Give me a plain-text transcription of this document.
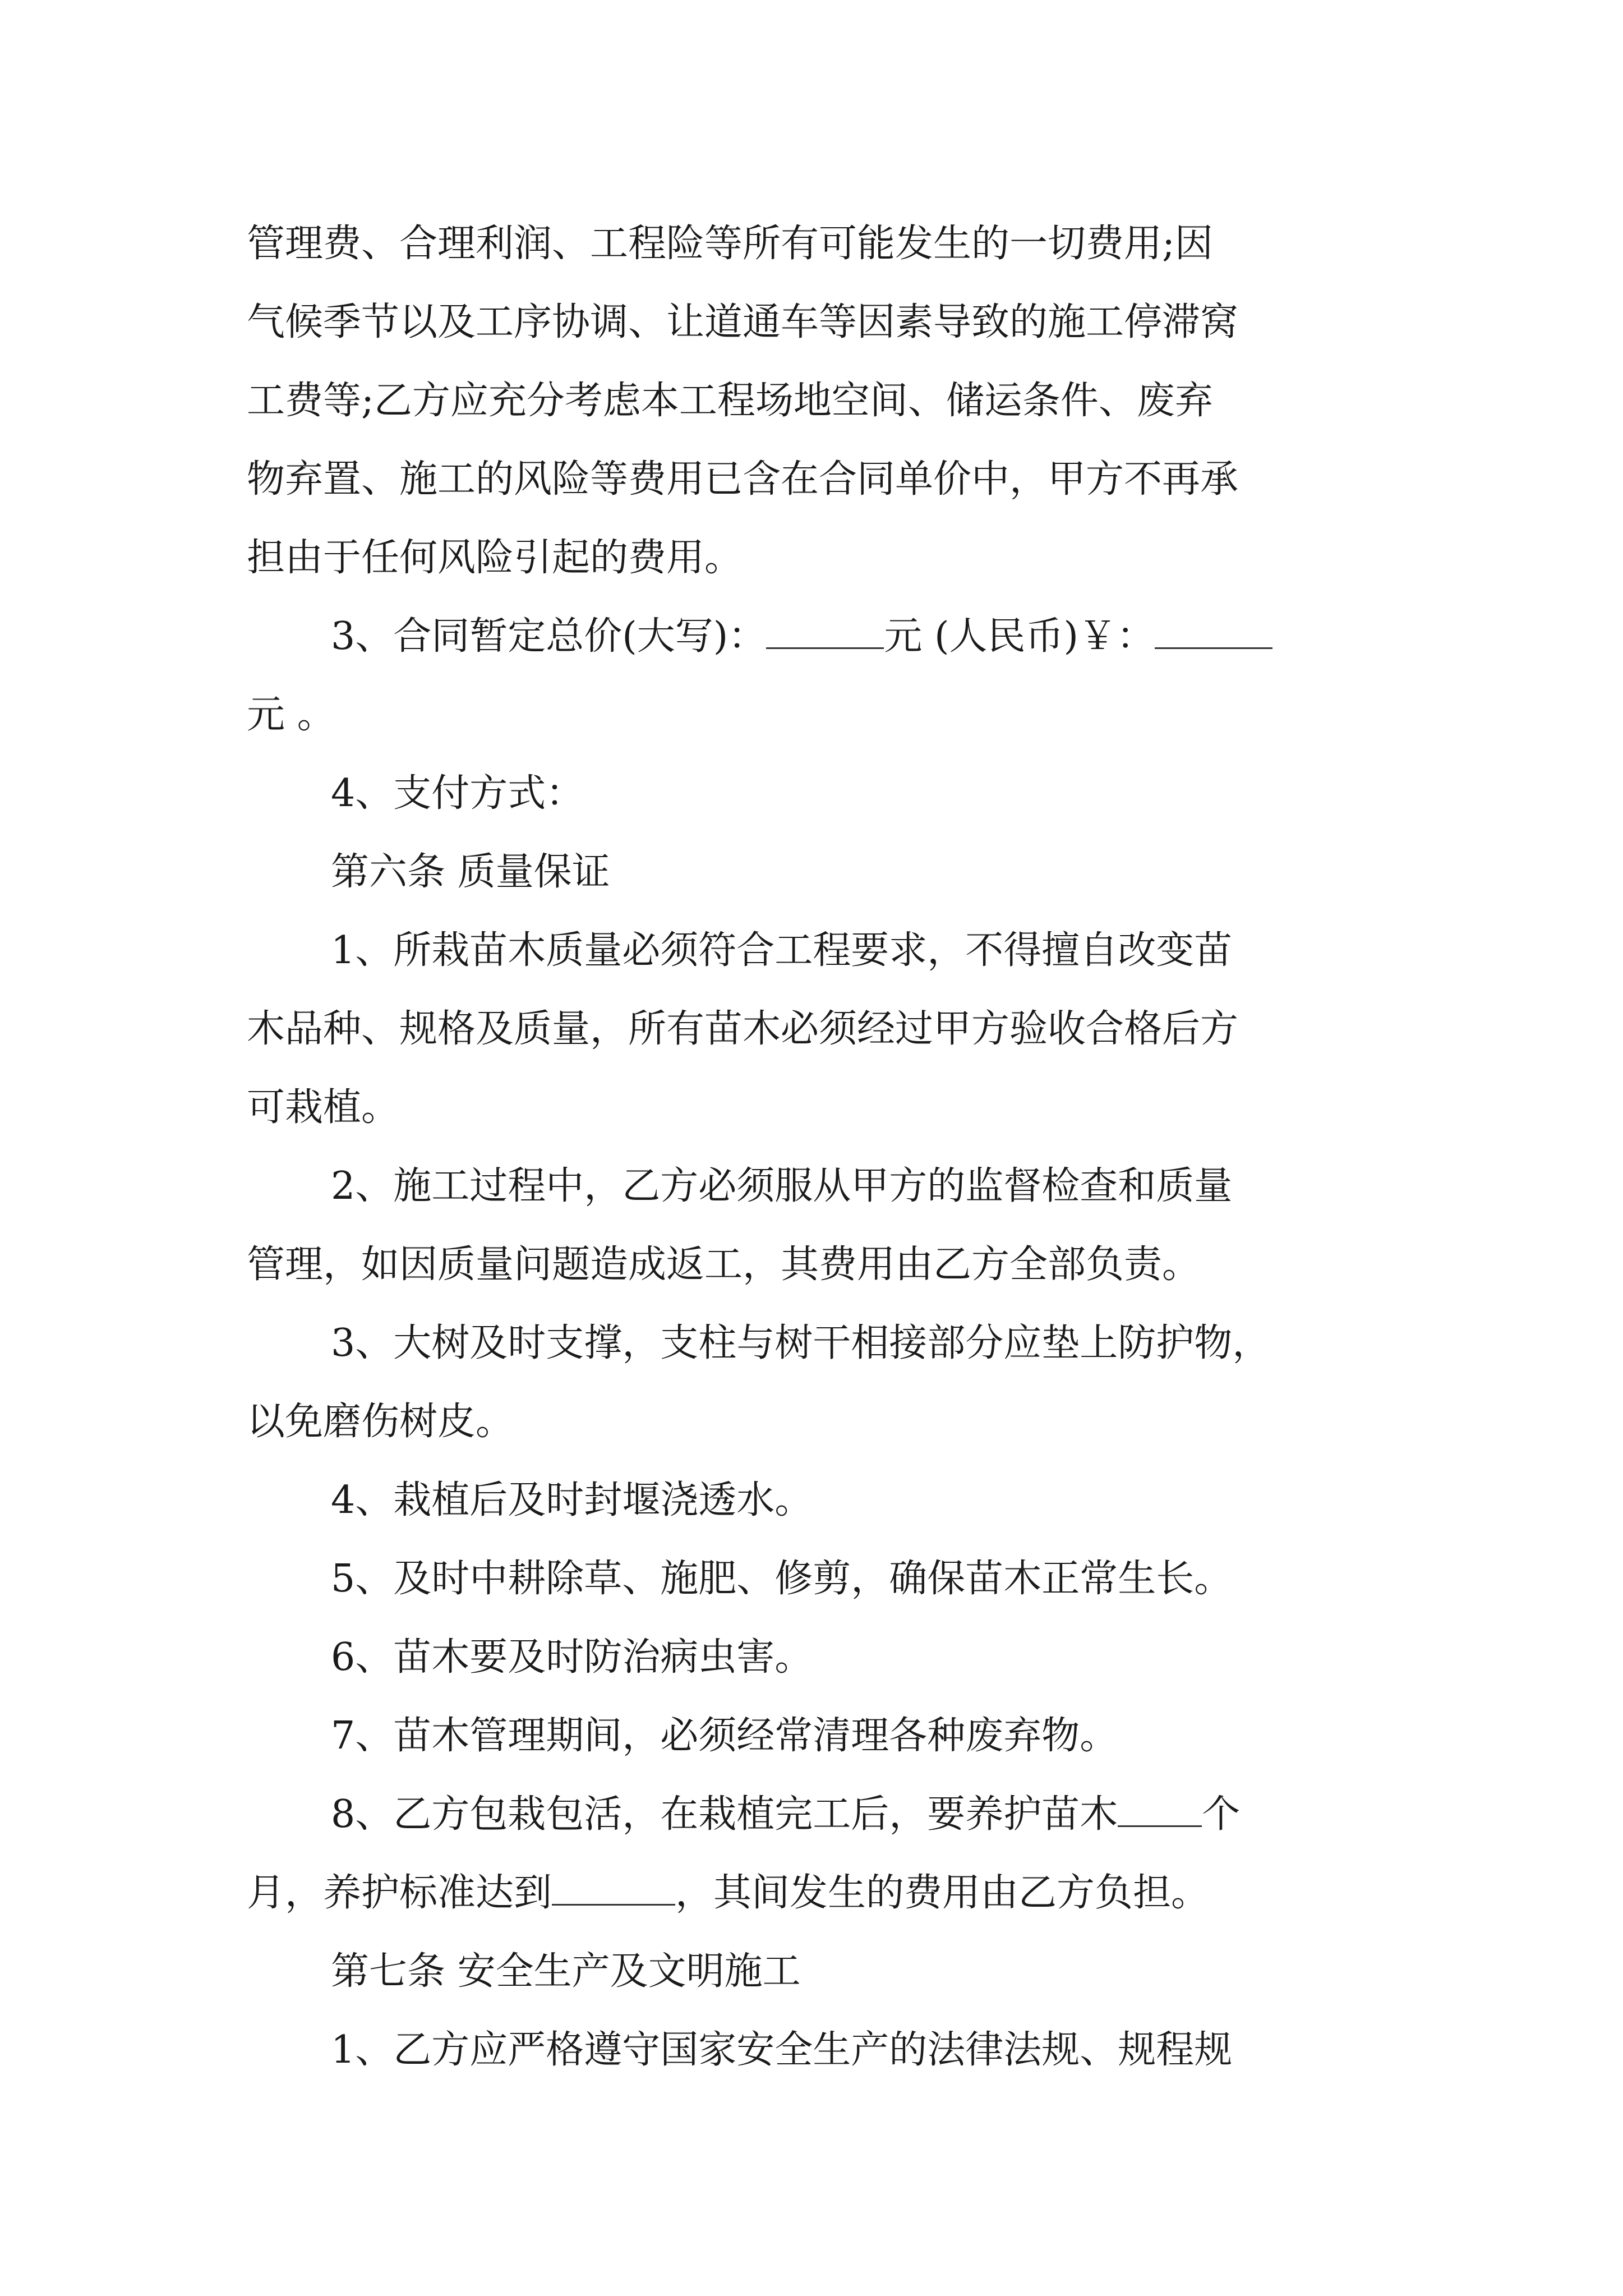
管理费、合理利润、工程险等所有可能发生的一切费用;因
气候季节以及工序协调、让道通车等因素导致的施工停滞窝
工费等;乙方应充分考虑本工程场地空间、储运条件、废弃
物弃置、施工的风险等费用已含在合同单价中，甲方不再承
担由于任何风险引起的费用。
3、合同暂定总价(大写)：	元 (人民币)￥：
元 。
4、支付方式：
第六条 质量保证
1、所栽苗木质量必须符合工程要求，不得擅自改变苗
木品种、规格及质量，所有苗木必须经过甲方验收合格后方
可栽植。
2、施工过程中，乙方必须服从甲方的监督检查和质量
管理，如因质量问题造成返工，其费用由乙方全部负责。
3、大树及时支撑，支柱与树干相接部分应垫上防护物，
以免磨伤树皮。
4、栽植后及时封堰浇透水。
5、及时中耕除草、施肥、修剪，确保苗木正常生长。
6、苗木要及时防治病虫害。
7、苗木管理期间，必须经常清理各种废弃物。
8、乙方包栽包活，在栽植完工后，要养护苗木 个
月，养护标准达到	，其间发生的费用由乙方负担。
第七条 安全生产及文明施工
1、乙方应严格遵守国家安全生产的法律法规、规程规
